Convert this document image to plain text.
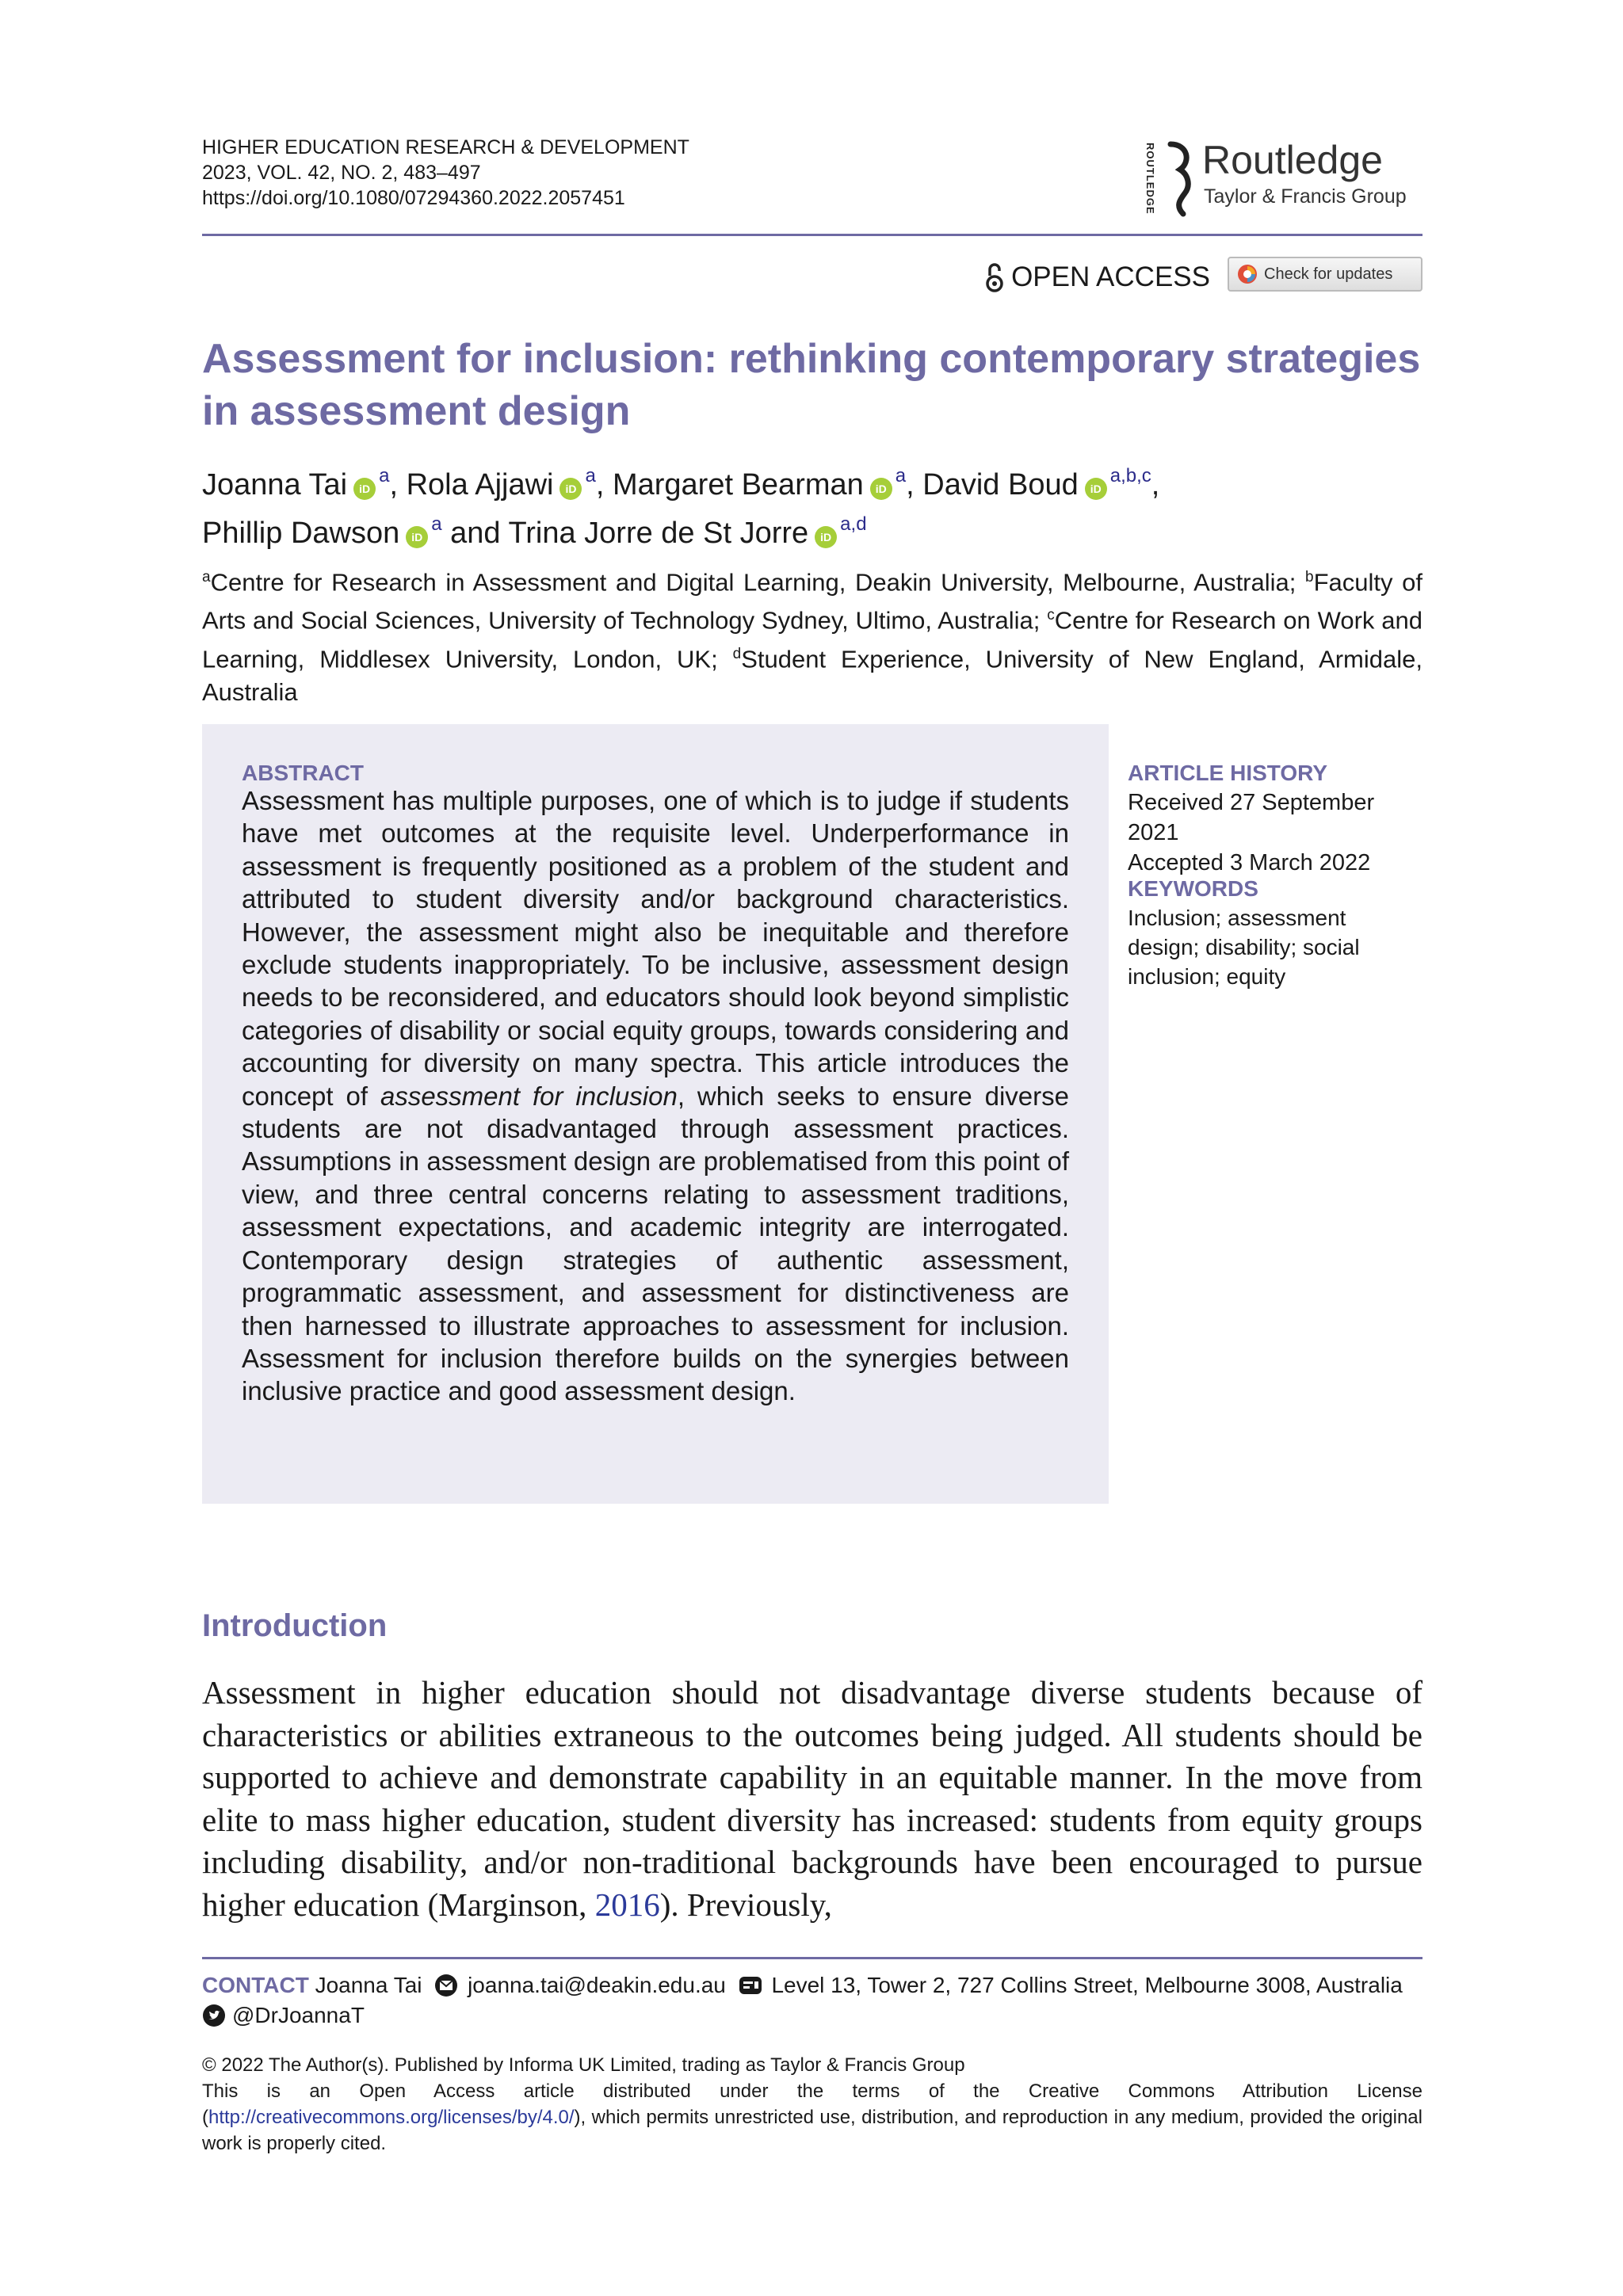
HIGHER EDUCATION RESEARCH & DEVELOPMENT
2023, VOL. 42, NO. 2, 483–497
https://doi.org/10.1080/07294360.2022.2057451	ROUTLEDGE Routledge
Taylor & Francis Group
OPEN ACCESS	Check for updates
Assessment for inclusion: rethinking contemporary strategies in assessment design
Joanna Tai iD$^a$, Rola Ajjawi iD$^a$, Margaret Bearman iD$^a$, David Boud iD$^{a,b,c}$,
Phillip Dawson iD$^a$ and Trina Jorre de St Jorre iD$^{a,d}$
$^a$Centre for Research in Assessment and Digital Learning, Deakin University, Melbourne, Australia; $^b$Faculty of Arts and Social Sciences, University of Technology Sydney, Ultimo, Australia; $^c$Centre for Research on Work and Learning, Middlesex University, London, UK; $^d$Student Experience, University of New England, Armidale, Australia
ABSTRACT
Assessment has multiple purposes, one of which is to judge if students have met outcomes at the requisite level. Underperformance in assessment is frequently positioned as a problem of the student and attributed to student diversity and/or background characteristics. However, the assessment might also be inequitable and therefore exclude students inappropriately. To be inclusive, assessment design needs to be reconsidered, and educators should look beyond simplistic categories of disability or social equity groups, towards considering and accounting for diversity on many spectra. This article introduces the concept of assessment for inclusion, which seeks to ensure diverse students are not disadvantaged through assessment practices. Assumptions in assessment design are problematised from this point of view, and three central concerns relating to assessment traditions, assessment expectations, and academic integrity are interrogated. Contemporary design strategies of authentic assessment, programmatic assessment, and assessment for distinctiveness are then harnessed to illustrate approaches to assessment for inclusion. Assessment for inclusion therefore builds on the synergies between inclusive practice and good assessment design.
ARTICLE HISTORY
Received 27 September 2021
Accepted 3 March 2022
KEYWORDS
Inclusion; assessment design; disability; social inclusion; equity
Introduction
Assessment in higher education should not disadvantage diverse students because of characteristics or abilities extraneous to the outcomes being judged. All students should be supported to achieve and demonstrate capability in an equitable manner. In the move from elite to mass higher education, student diversity has increased: students from equity groups including disability, and/or non-traditional backgrounds have been encouraged to pursue higher education (Marginson, 2016). Previously,
CONTACT Joanna Tai joanna.tai@deakin.edu.au Level 13, Tower 2, 727 Collins Street, Melbourne 3008, Australia
@DrJoannaT
© 2022 The Author(s). Published by Informa UK Limited, trading as Taylor & Francis Group
This is an Open Access article distributed under the terms of the Creative Commons Attribution License (http://creativecommons.org/licenses/by/4.0/), which permits unrestricted use, distribution, and reproduction in any medium, provided the original work is properly cited.
